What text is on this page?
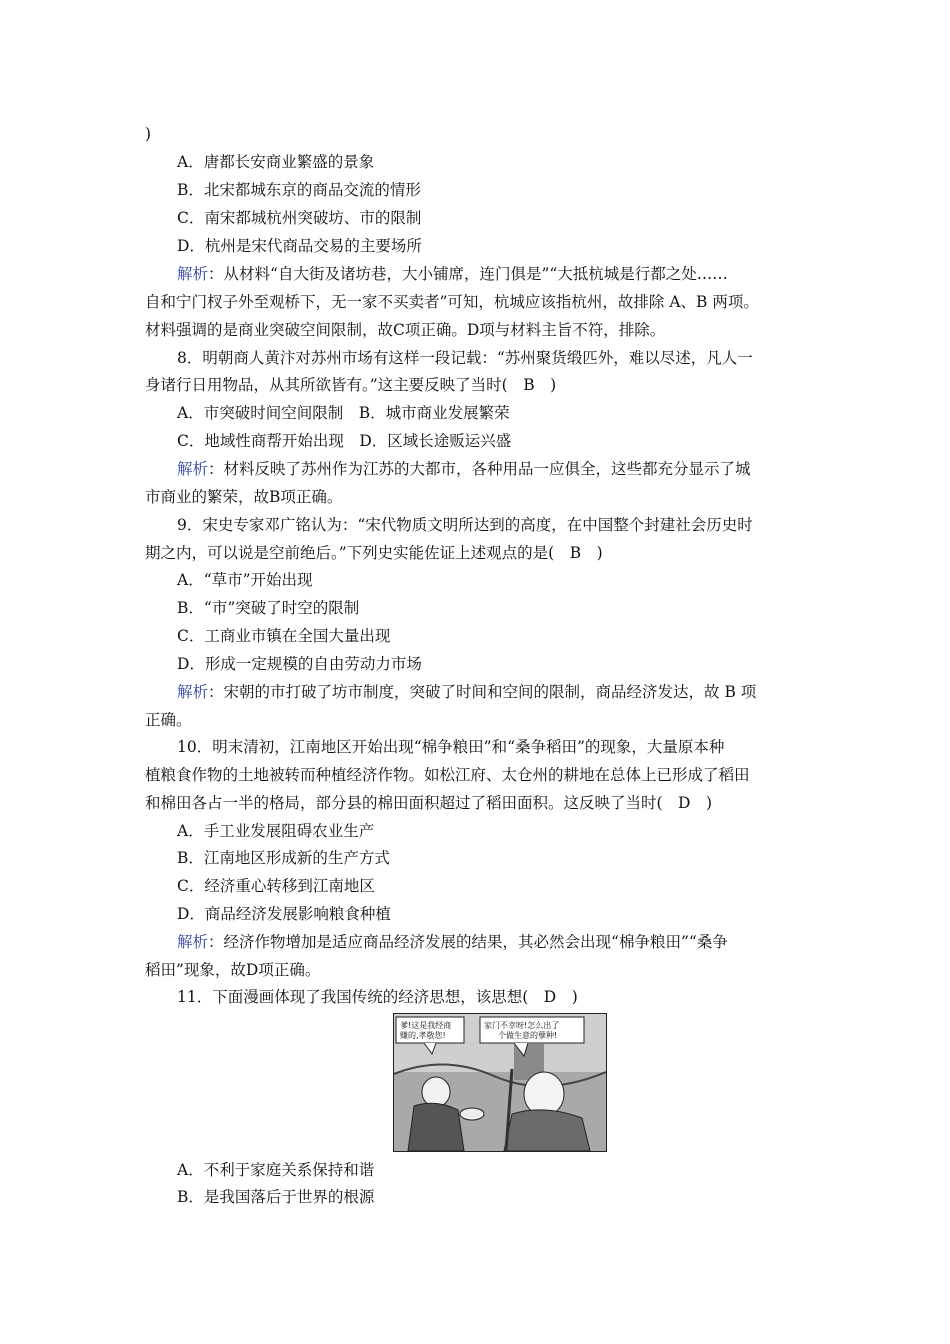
)
A．唐都长安商业繁盛的景象
B．北宋都城东京的商品交流的情形
C．南宋都城杭州突破坊、市的限制
D．杭州是宋代商品交易的主要场所
解析：从材料“自大街及诸坊巷，大小铺席，连门俱是”“大抵杭城是行都之处……
自和宁门杈子外至观桥下，无一家不买卖者”可知，杭城应该指杭州，故排除 A、B 两项。
材料强调的是商业突破空间限制，故C项正确。D项与材料主旨不符，排除。
8．明朝商人黄汴对苏州市场有这样一段记载：“苏州聚货缎匹外，难以尽述，凡人一
身诸行日用物品，从其所欲皆有。”这主要反映了当时(　B　)
A．市突破时间空间限制　B．城市商业发展繁荣
C．地域性商帮开始出现　D．区域长途贩运兴盛
解析：材料反映了苏州作为江苏的大都市，各种用品一应俱全，这些都充分显示了城
市商业的繁荣，故B项正确。
9．宋史专家邓广铭认为：“宋代物质文明所达到的高度，在中国整个封建社会历史时
期之内，可以说是空前绝后。”下列史实能佐证上述观点的是(　B　)
A．“草市”开始出现
B．“市”突破了时空的限制
C．工商业市镇在全国大量出现
D．形成一定规模的自由劳动力市场
解析：宋朝的市打破了坊市制度，突破了时间和空间的限制，商品经济发达，故 B 项
正确。
10．明末清初，江南地区开始出现“棉争粮田”和“桑争稻田”的现象，大量原本种
植粮食作物的土地被转而种植经济作物。如松江府、太仓州的耕地在总体上已形成了稻田
和棉田各占一半的格局，部分县的棉田面积超过了稻田面积。这反映了当时(　D　)
A．手工业发展阻碍农业生产
B．江南地区形成新的生产方式
C．经济重心转移到江南地区
D．商品经济发展影响粮食种植
解析：经济作物增加是适应商品经济发展的结果，其必然会出现“棉争粮田”“桑争
稻田”现象，故D项正确。
11．下面漫画体现了我国传统的经济思想，该思想(　D　)
爹!这是我经商
赚的,孝敬您!
家门不幸呀!怎么出了
个做生意的孽种!
A．不利于家庭关系保持和谐
B．是我国落后于世界的根源
